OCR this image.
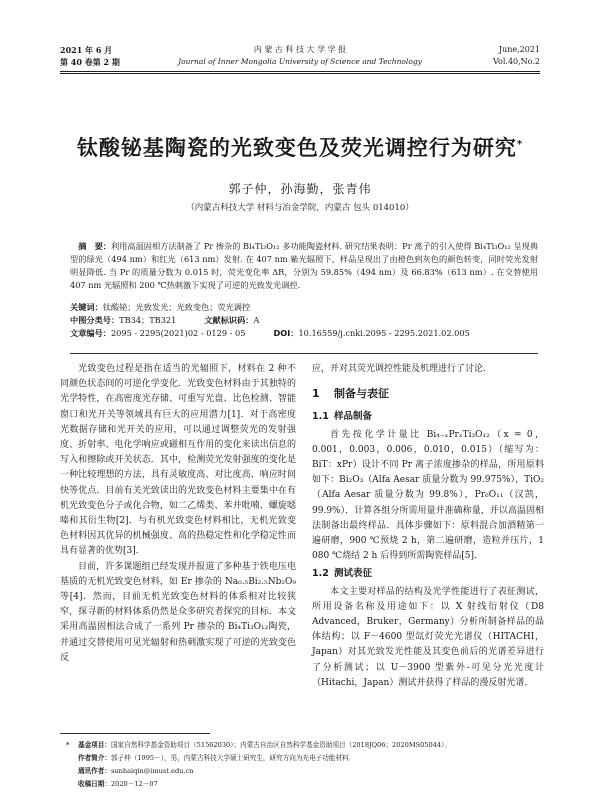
2021 年 6 月
第 40 卷第 2 期
内 蒙 古 科 技 大 学 学 报
Journal of Inner Mongolia University of Science and Technology
June,2021
Vol.40,No.2
钛酸铋基陶瓷的光致变色及荧光调控行为研究*
郭子仲，孙海勤，张青伟
（内蒙古科技大学 材料与冶金学院，内蒙古 包头 014010）

摘　要：利用高温固相方法制备了 Pr 掺杂的 Bi₄Ti₃O₁₂ 多功能陶瓷材料. 研究结果表明：Pr 离子的引入使得 Bi₄Ti₃O₁₂ 呈现典型的绿光（494 nm）和红光（613 nm）发射. 在 407 nm 紫光辐照下，样品呈现出了由橙色到灰色的颜色转变，同时荧光发射明显降低. 当 Pr 的质量分数为 0.015 时，荧光变化率 ΔR，分别为 59.85%（494 nm）及 66.83%（613 nm）. 在交替使用 407 nm 光辐照和 200 ℃热刺激下实现了可逆的光致发光调控.

关键词：钛酸铋；光致发光；光致变色；荧光调控
中图分类号：TB34；TB321	文献标识码：A
文章编号：2095 - 2295(2021)02 - 0129 - 05	DOI：10.16559/j.cnki.2095 - 2295.2021.02.005

光致变色过程是指在适当的光辐照下，材料在 2 种不同颜色状态间的可逆化学变化．光致变色材料由于其独特的光学特性，在高密度光存储、可重写光盘、比色检测、智能窗口和光开关等领域具有巨大的应用潜力[1]．对于高密度光数据存储和光开关的应用，可以通过调整荧光的发射强度、折射率、电化学响应或磁相互作用的变化来读出信息的写入和擦除或开关状态．其中，检测荧光发射强度的变化是一种比较理想的方法，具有灵敏度高、对比度高、响应时间快等优点．目前有关光致读出的光致变色材料主要集中在有机光致变色分子或化合物，如二乙烯类、苯并吡喃、螺旋噁嗪和其衍生物[2]．与有机光致变色材料相比，无机光致变色材料因其优异的机械强度、高的热稳定性和化学稳定性而具有显著的优势[3]．

目前，许多课题组已经发现并报道了多种基于铁电压电基质的无机光致变色材料，如 Er 掺杂的 Na₀.₅Bi₂.₅Nb₂O₉ 等[4]．然而，目前无机光致变色材料的体系相对比较狭窄，探寻新的材料体系仍然是众多研究者探究的目标．本文采用高温固相法合成了一系列 Pr 掺杂的 Bi₄Ti₃O₁₂陶瓷，并通过交替使用可见光辐射和热刺激实现了可逆的光致变色反

应，并对其荧光调控性能及机理进行了讨论．

1 制备与表征
1.1 样品制备

首先按化学计量比 Bi₄₋ₓPrₓTi₃O₁₂（x = 0，0.001，0.003，0.006，0.010，0.015）（缩写为：BiT：xPr）设计不同 Pr 离子浓度掺杂的样品，所用原料如下：Bi₂O₃（Alfa Aesar 质量分数为 99.975%），TiO₂（Alfa Aesar 质量分数为 99.8%），Pr₆O₁₁（汉凯，99.9%）．计算各组分所需用量并准确称量，并以高温固相法制备出最终样品．具体步骤如下：原料混合加酒精第一遍研磨，900 ℃预烧 2 h，第二遍研磨，造粒并压片，1 080 ℃烧结 2 h 后得到所需陶瓷样品[5]．

1.2 测试表征

本文主要对样品的结构及光学性能进行了表征测试，所用设备名称及用途如下：以 X 射线衍射仪（D8 Advanced，Bruker，Germany）分析所制备样品的晶体结构；以 F－4600 型氙灯荧光光谱仪（HITACHI，Japan）对其光致发光性能及其变色前后的光谱差异进行了分析测试；以 U－3900 型紫外-可见分光光度计（Hitachi，Japan）测试并获得了样品的漫反射光谱．

* 基金项目：国家自然科学基金资助项目（51562030）；内蒙古自治区自然科学基金资助项目（2018JQ06；2020MS05044）．
作者简介：郭子仲（1995－），男，内蒙古科技大学硕士研究生，研究方向为光电子功能材料．
通讯作者：sunhaiqin@imust.edu.cn
收稿日期：2020－12－07
